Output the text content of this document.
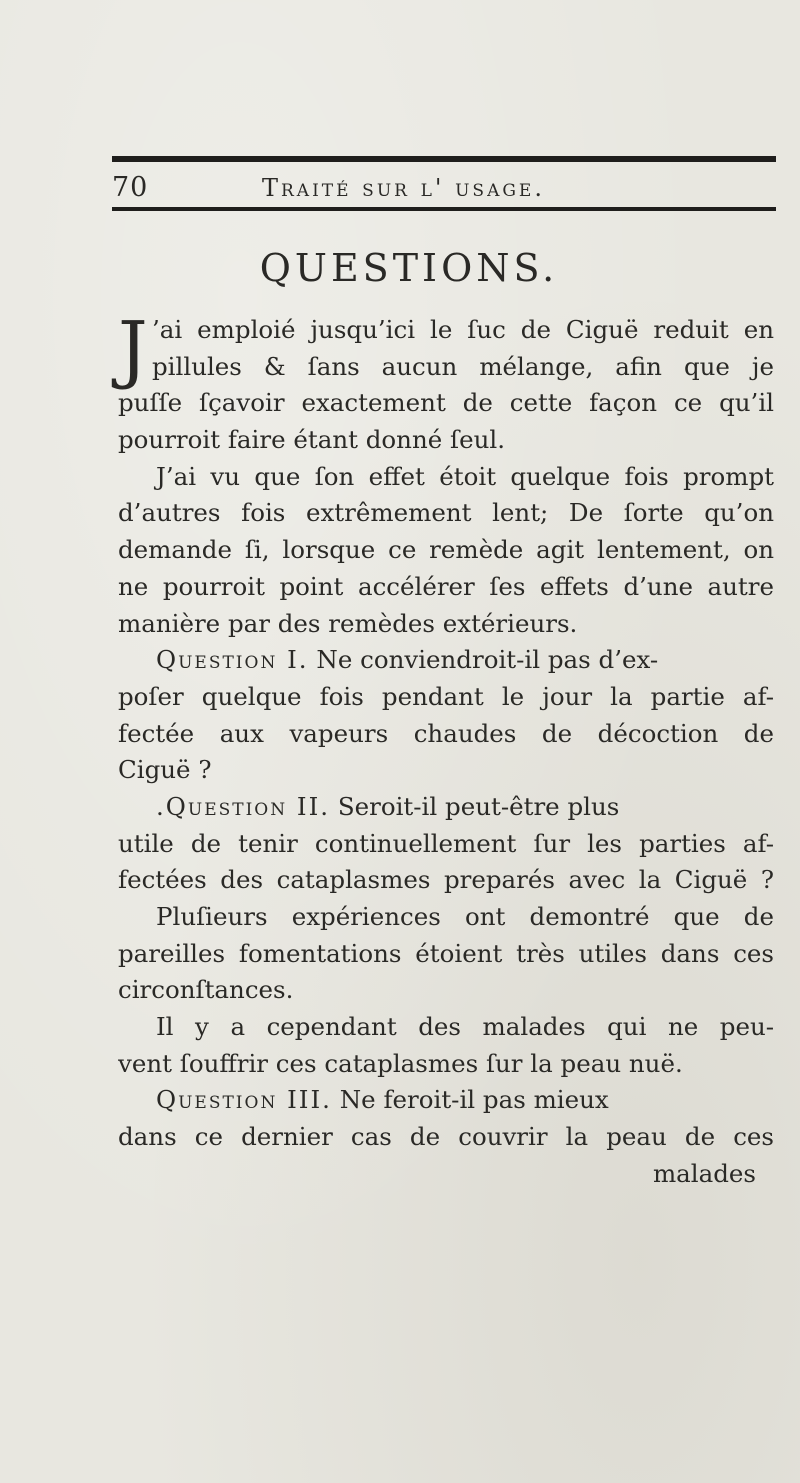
70	Traité sur l' usage.
QUESTIONS.
J ’ai emploié jusqu’ici le ſuc de Ciguë reduit en
pillules & ſans aucun mélange, afin que je
puſſe ſçavoir exactement de cette façon ce qu’il
pourroit faire étant donné ſeul.
J’ai vu que ſon effet étoit quelque fois prompt
d’autres fois extrêmement lent; De ſorte qu’on
demande ſi, lorsque ce remède agit lentement, on
ne pourroit point accélérer ſes effets d’une autre
manière par des remèdes extérieurs.
Question I. Ne conviendroit-il pas d’ex-
poſer quelque fois pendant le jour la partie af-
fectée aux vapeurs chaudes de décoction de
Ciguë ?
.Question II. Seroit-il peut-être plus
utile de tenir continuellement ſur les parties af-
fectées des cataplasmes preparés avec la Ciguë ?
Pluſieurs expériences ont demontré que de
pareilles fomentations étoient très utiles dans ces
circonſtances.
Il y a cependant des malades qui ne peu-
vent ſouffrir ces cataplasmes ſur la peau nuë.
Question III. Ne feroit-il pas mieux
dans ce dernier cas de couvrir la peau de ces
malades
